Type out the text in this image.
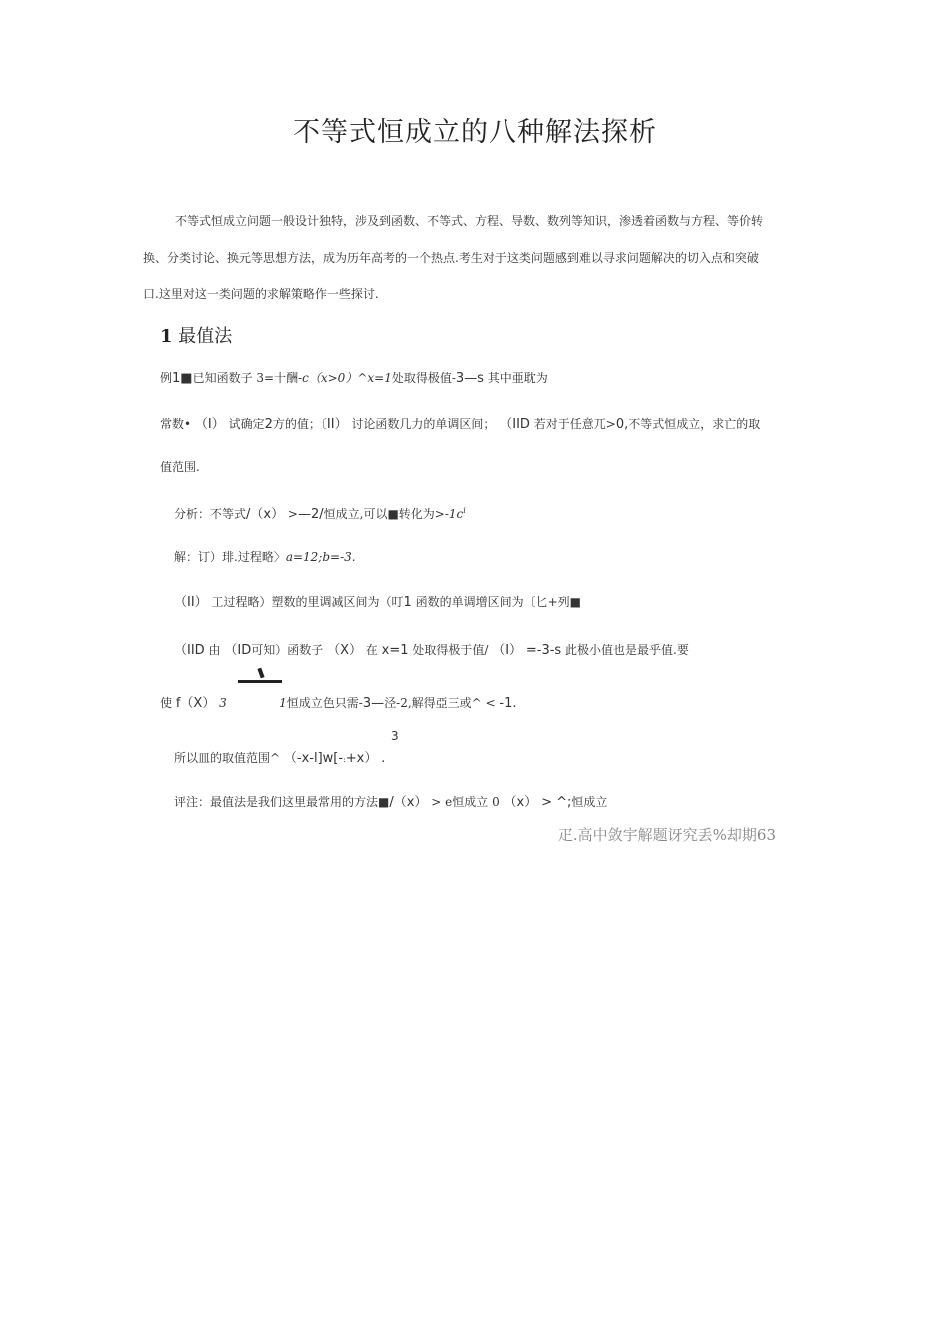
不等式恒成立的八种解法探析
不等式恒成立问题一般设计独特，涉及到函数、不等式、方程、导数、数列等知识，渗透着函数与方程、等价转
换、分类讨论、换元等思想方法，成为历年高考的一个热点.考生对于这类问题感到难以寻求问题解决的切入点和突破
口.这里对这一类问题的求解策略作一些探讨.
1 最值法
例1■已知函数子 3=十酬-c（x>0）^x=1处取得极值-3—s 其中亜耽为
常数• （I） 试确定2方的值；〔II） 讨论函数几力的单调区间； （IID 若对于任意兀>0,不等式恒成立，求亡的取
值范围.
分析：不等式/（x） >—2/恒成立,可以■转化为$>-1c^i$
解：订）琲.过程略〉a=12;b=-3.
（II） 工过程略）塑数的里调减区间为（叮1 函数的单调增区间为〔匕+列■
（IID 由 （ID可知）函数子 （X） 在 x=1 处取得极于值/ （I） =-3-s 此极小值也是最乎值.要
使 f（X） 3	1恒成立色只需-3—泾-2,解得亞三或^ < -1.
3
所以皿的取值范围^ （-x-l]w[-:+x） .
评注：最值法是我们这里最常用的方法■/（x） > e恒成立 0 （x） > ^;恒成立
疋.高中敛宇解题讶究丢%却期63
